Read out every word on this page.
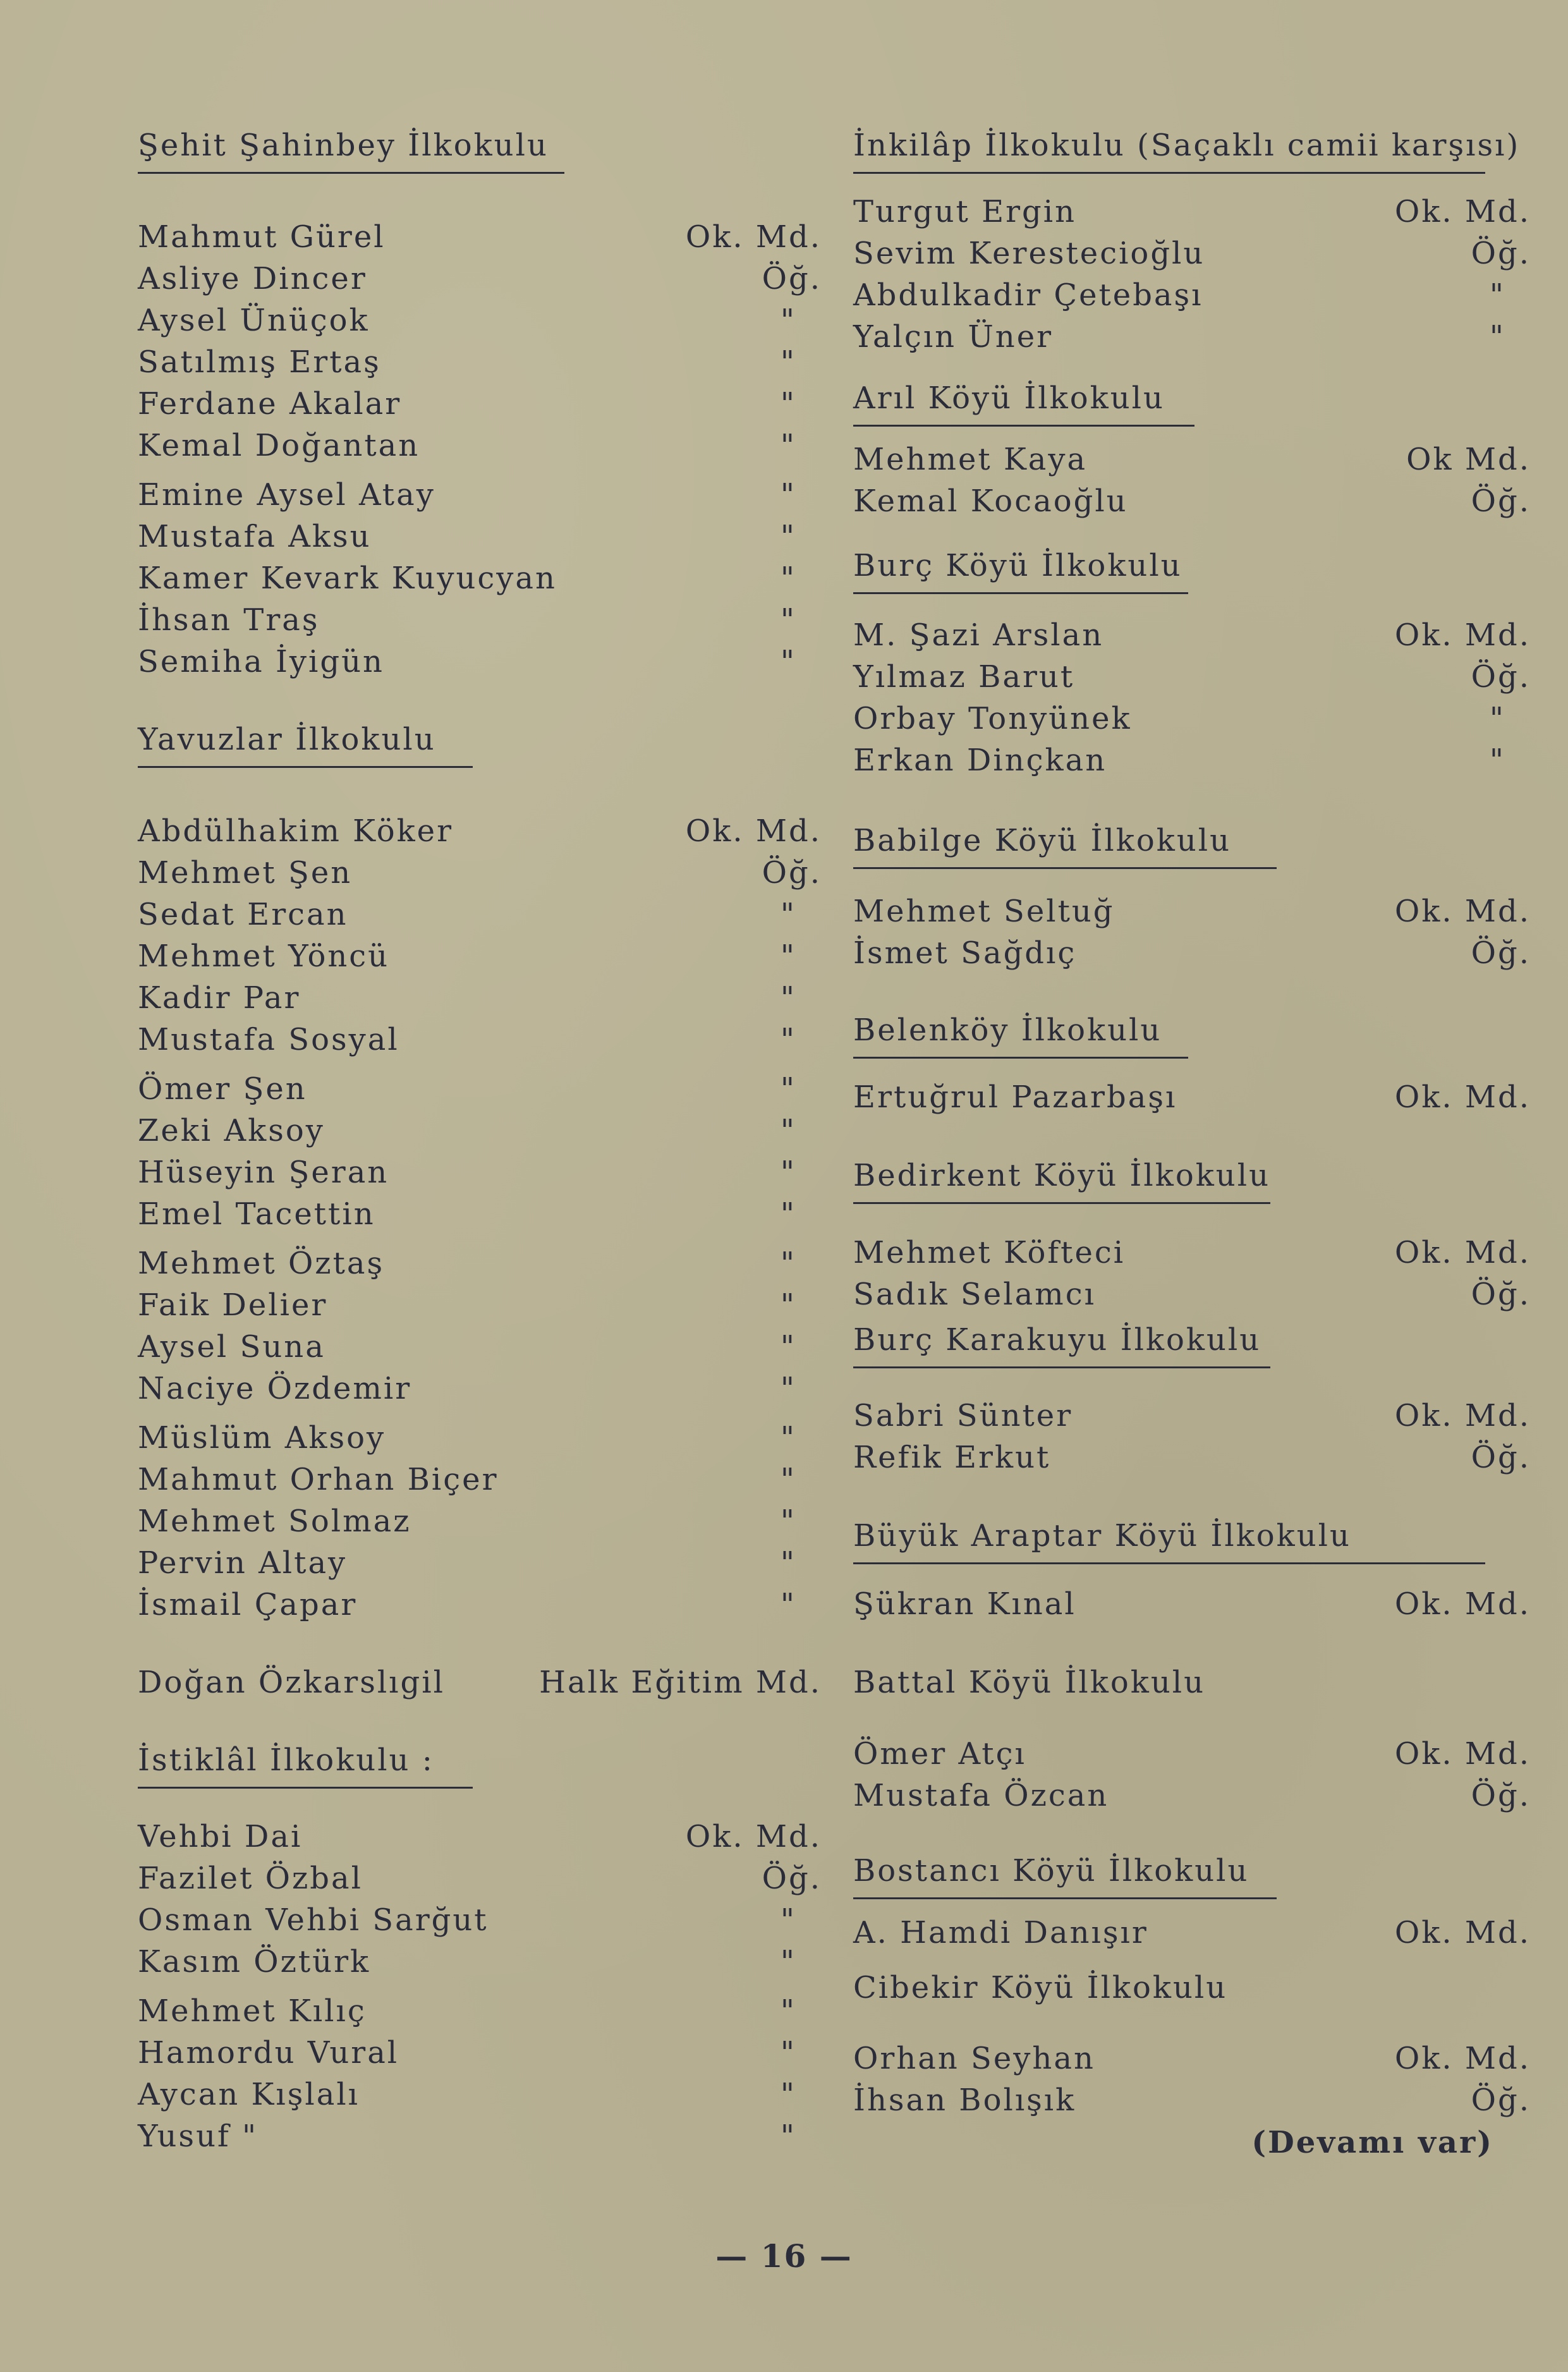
Şehit Şahinbey İlkokulu
Mahmut Gürel	Ok. Md.
Asliye Dincer	Öğ.
Aysel Ünüçok	"
Satılmış Ertaş	"
Ferdane Akalar	"
Kemal Doğantan	"
Emine Aysel Atay	"
Mustafa Aksu	"
Kamer Kevark Kuyucyan	"
İhsan Traş	"
Semiha İyigün	"
Yavuzlar İlkokulu
Abdülhakim Köker	Ok. Md.
Mehmet Şen	Öğ.
Sedat Ercan	"
Mehmet Yöncü	"
Kadir Par	"
Mustafa Sosyal	"
Ömer Şen	"
Zeki Aksoy	"
Hüseyin Şeran	"
Emel Tacettin	"
Mehmet Öztaş	"
Faik Delier	"
Aysel Suna	"
Naciye Özdemir	"
Müslüm Aksoy	"
Mahmut Orhan Biçer	"
Mehmet Solmaz	"
Pervin Altay	"
İsmail Çapar	"
Doğan Özkarslıgil	Halk Eğitim Md.
İstiklâl İlkokulu :
Vehbi Dai	Ok. Md.
Fazilet Özbal	Öğ.
Osman Vehbi Sarğut	"
Kasım Öztürk	"
Mehmet Kılıç	"
Hamordu Vural	"
Aycan Kışlalı	"
Yusuf "	"
İnkilâp İlkokulu (Saçaklı camii karşısı)
Turgut Ergin	Ok. Md.
Sevim Kerestecioğlu	Öğ.
Abdulkadir Çetebaşı	"
Yalçın Üner	"
Arıl Köyü İlkokulu
Mehmet Kaya	Ok Md.
Kemal Kocaoğlu	Öğ.
Burç Köyü İlkokulu
M. Şazi Arslan	Ok. Md.
Yılmaz Barut	Öğ.
Orbay Tonyünek	"
Erkan Dinçkan	"
Babilge Köyü İlkokulu
Mehmet Seltuğ	Ok. Md.
İsmet Sağdıç	Öğ.
Belenköy İlkokulu
Ertuğrul Pazarbaşı	Ok. Md.
Bedirkent Köyü İlkokulu
Mehmet Köfteci	Ok. Md.
Sadık Selamcı	Öğ.
Burç Karakuyu İlkokulu
Sabri Sünter	Ok. Md.
Refik Erkut	Öğ.
Büyük Araptar Köyü İlkokulu
Şükran Kınal	Ok. Md.
Battal Köyü İlkokulu
Ömer Atçı	Ok. Md.
Mustafa Özcan	Öğ.
Bostancı Köyü İlkokulu
A. Hamdi Danışır	Ok. Md.
Cibekir Köyü İlkokulu
Orhan Seyhan	Ok. Md.
İhsan Bolışık	Öğ.
(Devamı var)
— 16 —
